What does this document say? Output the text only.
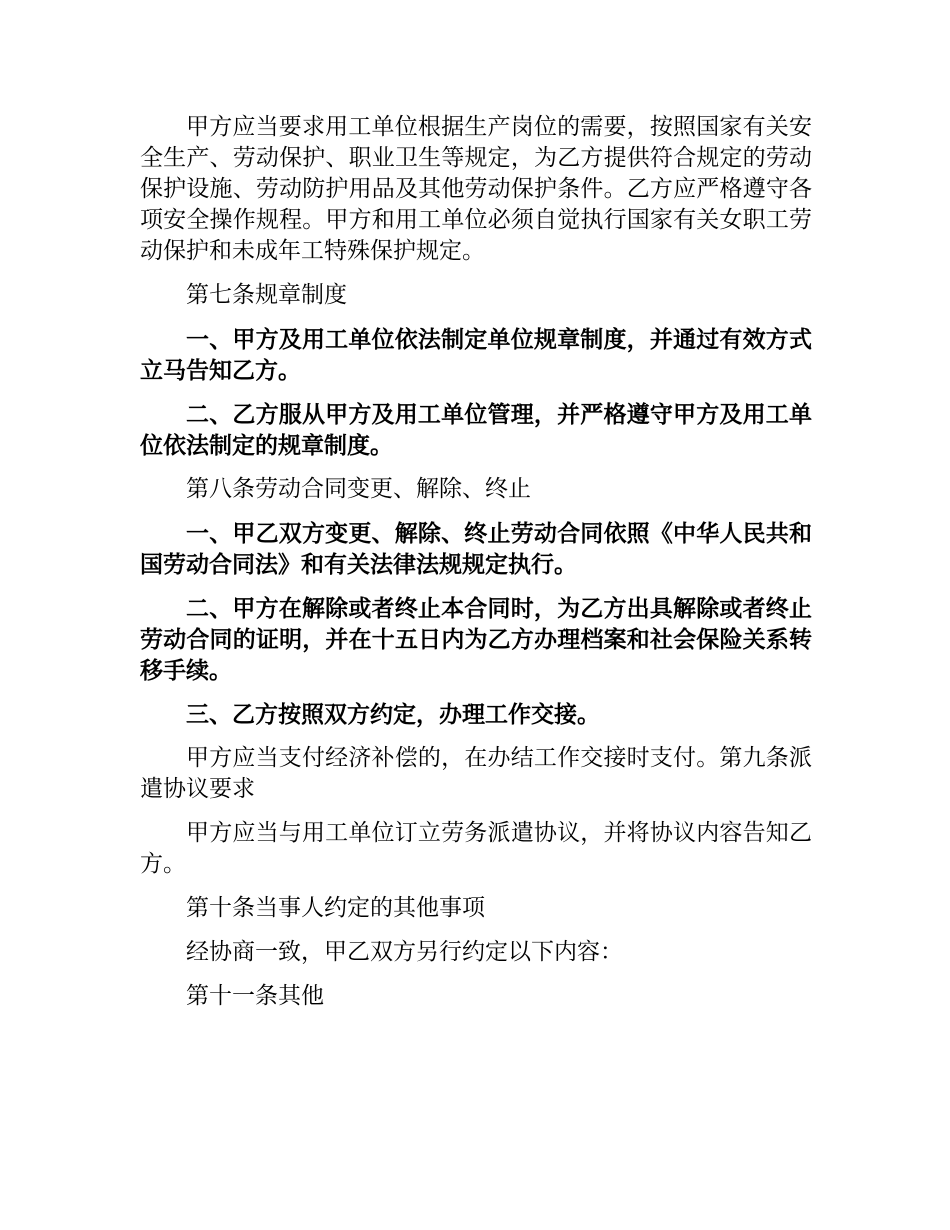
甲方应当要求用工单位根据生产岗位的需要，按照国家有关安全生产、劳动保护、职业卫生等规定，为乙方提供符合规定的劳动保护设施、劳动防护用品及其他劳动保护条件。乙方应严格遵守各项安全操作规程。甲方和用工单位必须自觉执行国家有关女职工劳动保护和未成年工特殊保护规定。

第七条规章制度

一、甲方及用工单位依法制定单位规章制度，并通过有效方式立马告知乙方。

二、乙方服从甲方及用工单位管理，并严格遵守甲方及用工单位依法制定的规章制度。

第八条劳动合同变更、解除、终止

一、甲乙双方变更、解除、终止劳动合同依照《中华人民共和国劳动合同法》和有关法律法规规定执行。

二、甲方在解除或者终止本合同时，为乙方出具解除或者终止劳动合同的证明，并在十五日内为乙方办理档案和社会保险关系转移手续。

三、乙方按照双方约定，办理工作交接。

甲方应当支付经济补偿的，在办结工作交接时支付。第九条派遣协议要求

甲方应当与用工单位订立劳务派遣协议，并将协议内容告知乙方。

第十条当事人约定的其他事项

经协商一致，甲乙双方另行约定以下内容：

第十一条其他
